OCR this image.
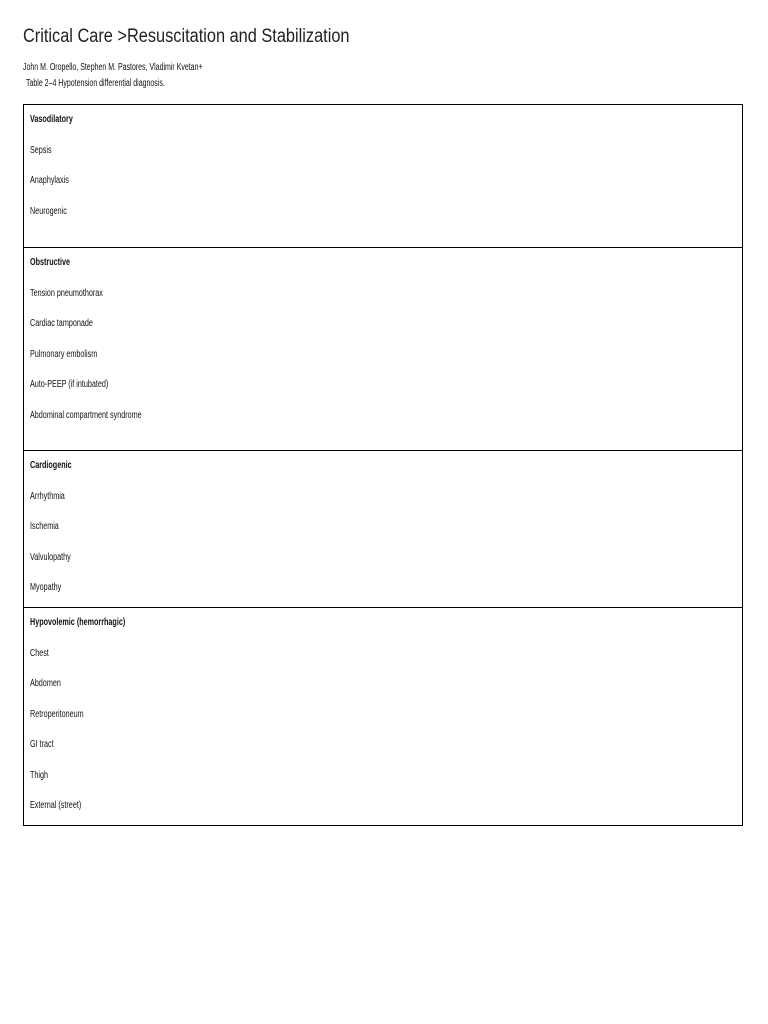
Critical Care >Resuscitation and Stabilization
John M. Oropello, Stephen M. Pastores, Vladimir Kvetan+
Table 2–4 Hypotension differential diagnosis.
Vasodilatory
Sepsis
Anaphylaxis
Neurogenic
Obstructive
Tension pneumothorax
Cardiac tamponade
Pulmonary embolism
Auto-PEEP (if intubated)
Abdominal compartment syndrome
Cardiogenic
Arrhythmia
Ischemia
Valvulopathy
Myopathy
Hypovolemic (hemorrhagic)
Chest
Abdomen
Retroperitoneum
GI tract
Thigh
External (street)
